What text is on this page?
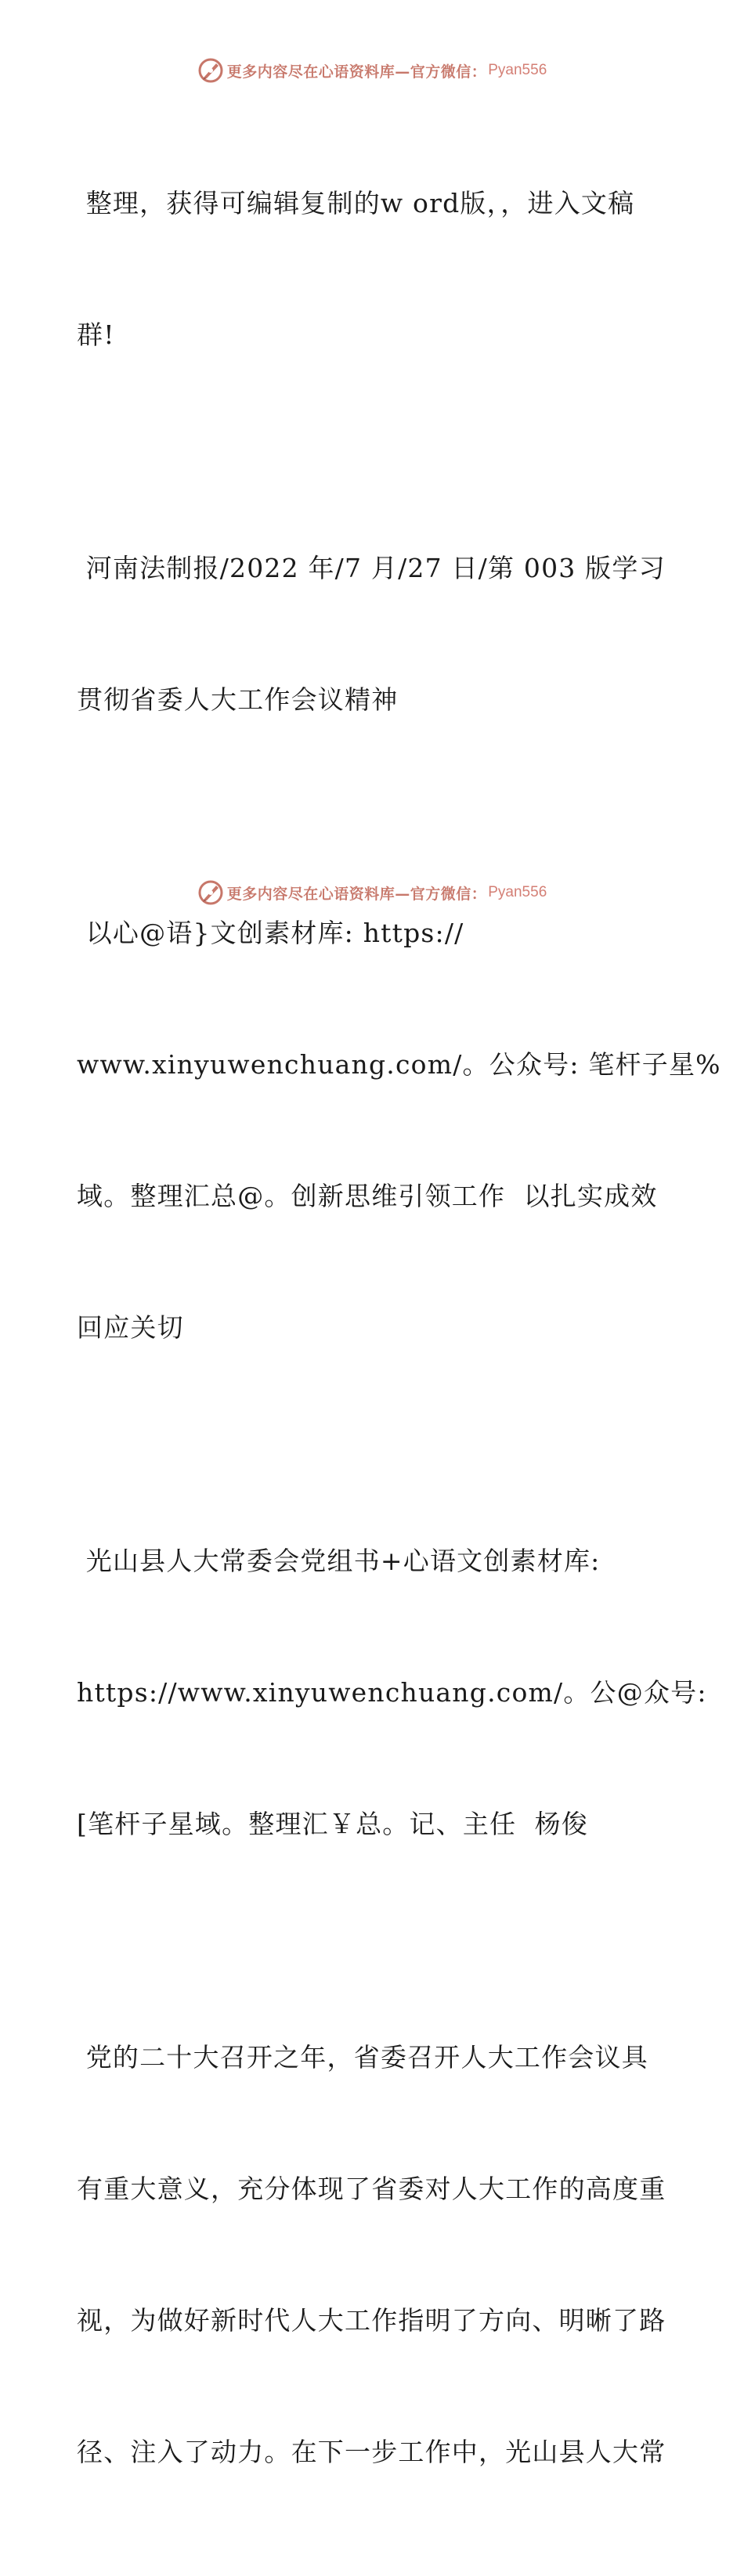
更多内容尽在心语资料库—官方微信： Pyan556

整理，获得可编辑复制的w ord版，，进入文稿

群!

河南法制报/2022 年/7 月/27 日/第 003 版学习

贯彻省委人大工作会议精神

以心@语}文创素材库: https://

www.xinyuwenchuang.com/。公众号: 笔杆子星%

域。整理汇总@。创新思维引领工作  以扎实成效

回应关切

光山县人大常委会党组书+心语文创素材库:

https://www.xinyuwenchuang.com/。公@众号:

[笔杆子星域。整理汇￥总。记、主任  杨俊

党的二十大召开之年，省委召开人大工作会议具

有重大意义，充分体现了省委对人大工作的高度重

视，为做好新时代人大工作指明了方向、明晰了路

径、注入了动力。在下一步工作中，光山县人大常

更多内容尽在心语资料库—官方微信： Pyan556
